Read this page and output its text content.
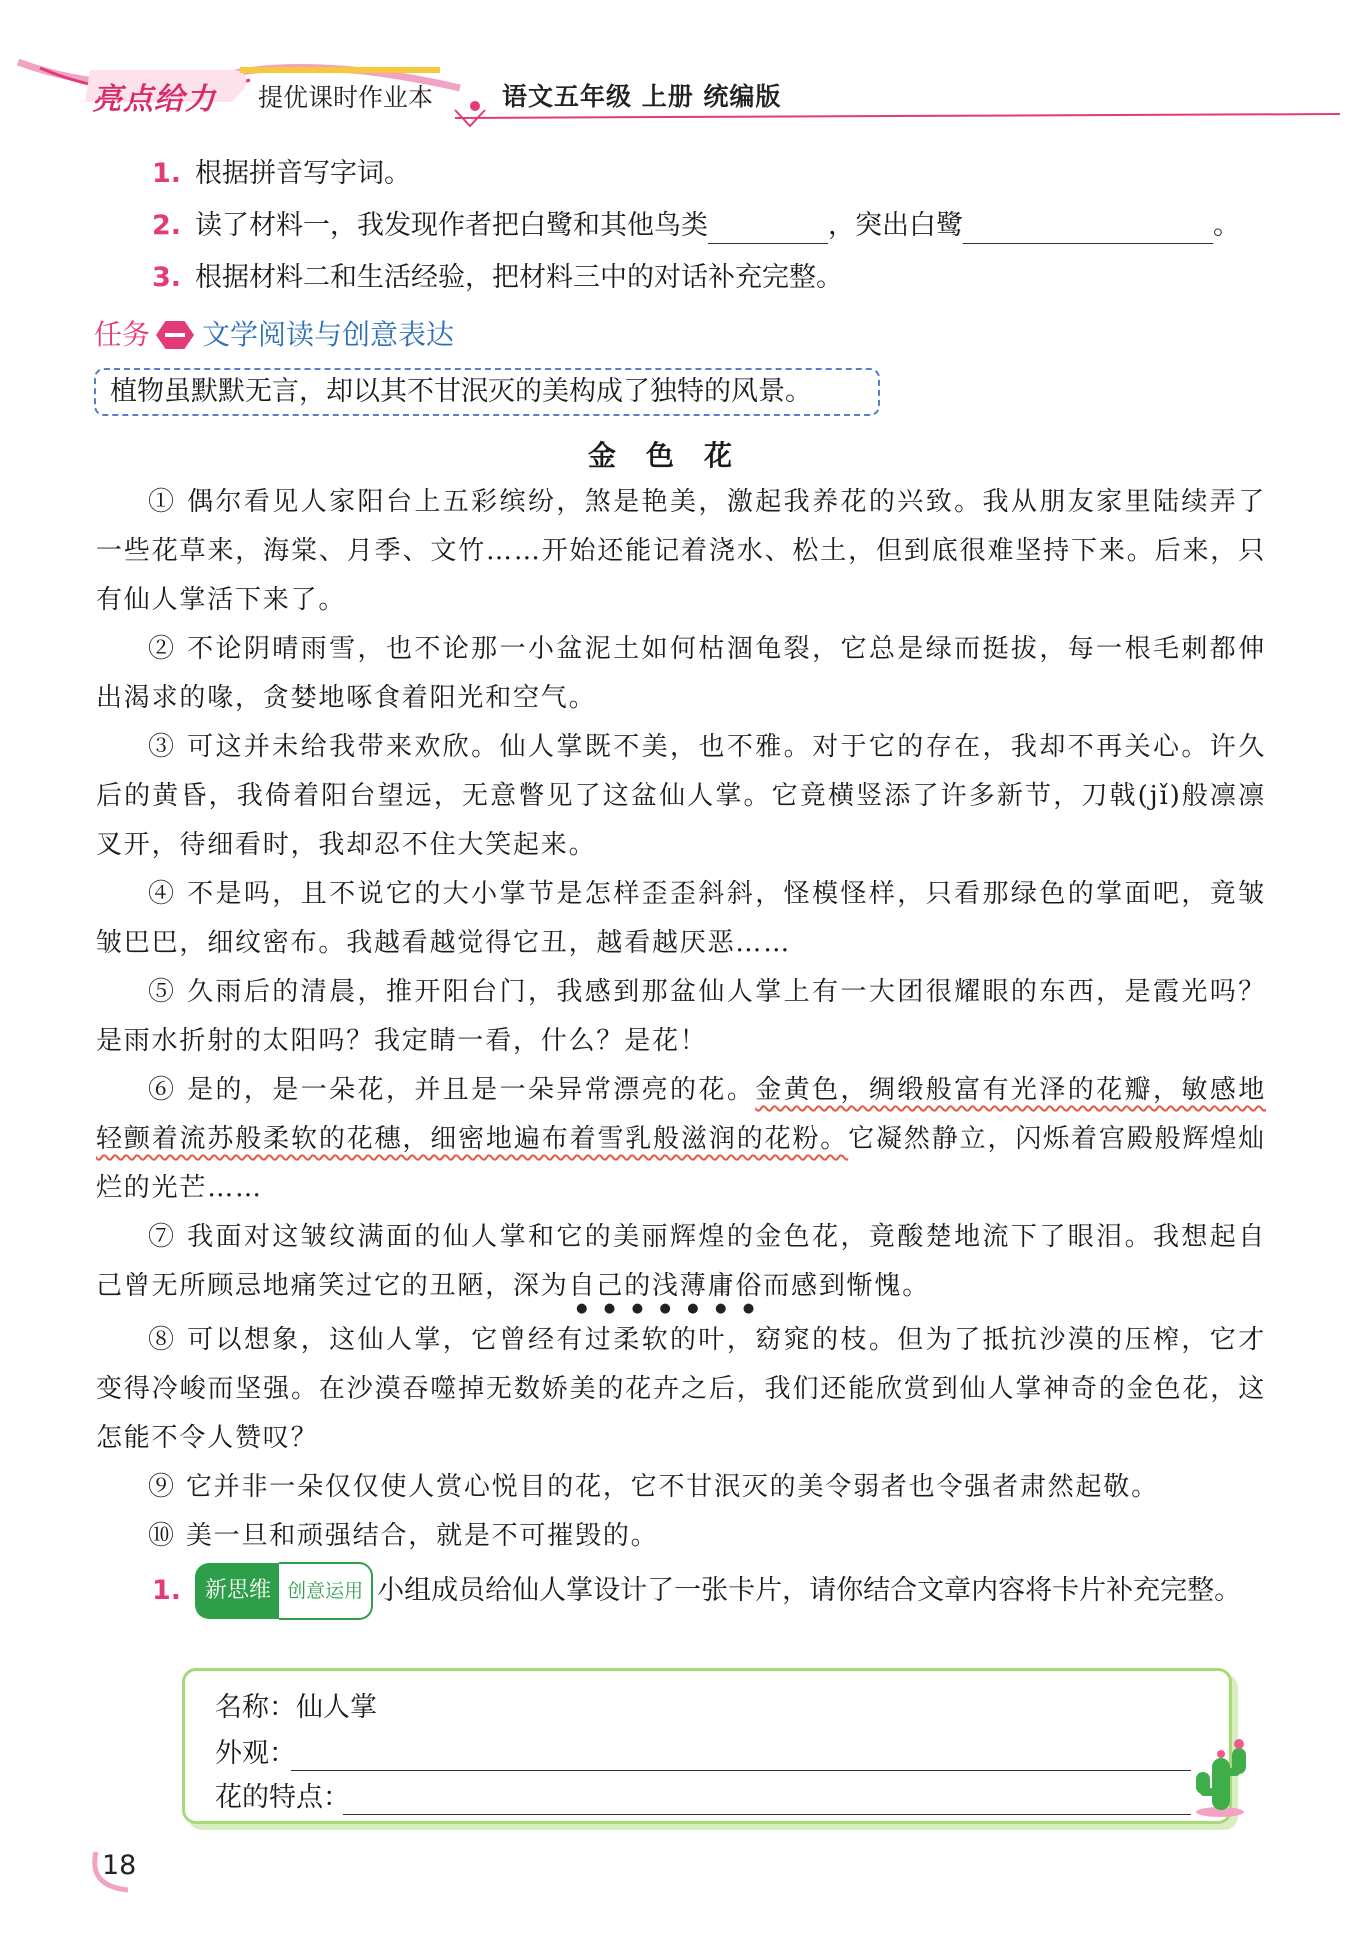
亮点给力 提优课时作业本	语文五年级 上册 统编版
1. 根据拼音写字词。
2. 读了材料一，我发现作者把白鹭和其他鸟类	，突出白鹭	。
3. 根据材料二和生活经验，把材料三中的对话补充完整。
任务 文学阅读与创意表达
植物虽默默无言，却以其不甘泯灭的美构成了独特的风景。
金色花

① 偶尔看见人家阳台上五彩缤纷，煞是艳美，激起我养花的兴致。我从朋友家里陆续弄了一些花草来，海棠、月季、文竹……开始还能记着浇水、松土，但到底很难坚持下来。后来，只有仙人掌活下来了。

② 不论阴晴雨雪，也不论那一小盆泥土如何枯涸龟裂，它总是绿而挺拔，每一根毛刺都伸出渴求的喙，贪婪地啄食着阳光和空气。

③ 可这并未给我带来欢欣。仙人掌既不美，也不雅。对于它的存在，我却不再关心。许久后的黄昏，我倚着阳台望远，无意瞥见了这盆仙人掌。它竟横竖添了许多新节，刀戟(jǐ)般凛凛叉开，待细看时，我却忍不住大笑起来。

④ 不是吗，且不说它的大小掌节是怎样歪歪斜斜，怪模怪样，只看那绿色的掌面吧，竟皱皱巴巴，细纹密布。我越看越觉得它丑，越看越厌恶……

⑤ 久雨后的清晨，推开阳台门，我感到那盆仙人掌上有一大团很耀眼的东西，是霞光吗？是雨水折射的太阳吗？我定睛一看，什么？是花！

⑥ 是的，是一朵花，并且是一朵异常漂亮的花。金黄色，绸缎般富有光泽的花瓣，敏感地轻颤着流苏般柔软的花穗，细密地遍布着雪乳般滋润的花粉。它凝然静立，闪烁着宫殿般辉煌灿烂的光芒……

⑦ 我面对这皱纹满面的仙人掌和它的美丽辉煌的金色花，竟酸楚地流下了眼泪。我想起自己曾无所顾忌地痛笑过它的丑陋，深为自己的浅薄庸俗而感到惭愧。

⑧ 可以想象，这仙人掌，它曾经有过柔软的叶，窈窕的枝。但为了抵抗沙漠的压榨，它才变得冷峻而坚强。在沙漠吞噬掉无数娇美的花卉之后，我们还能欣赏到仙人掌神奇的金色花，这怎能不令人赞叹？

⑨ 它并非一朵仅仅使人赏心悦目的花，它不甘泯灭的美令弱者也令强者肃然起敬。

⑩ 美一旦和顽强结合，就是不可摧毁的。

1.	新思维 创意运用 小组成员给仙人掌设计了一张卡片，请你结合文章内容将卡片补充完整。
名称：仙人掌
外观：
花的特点：
18
